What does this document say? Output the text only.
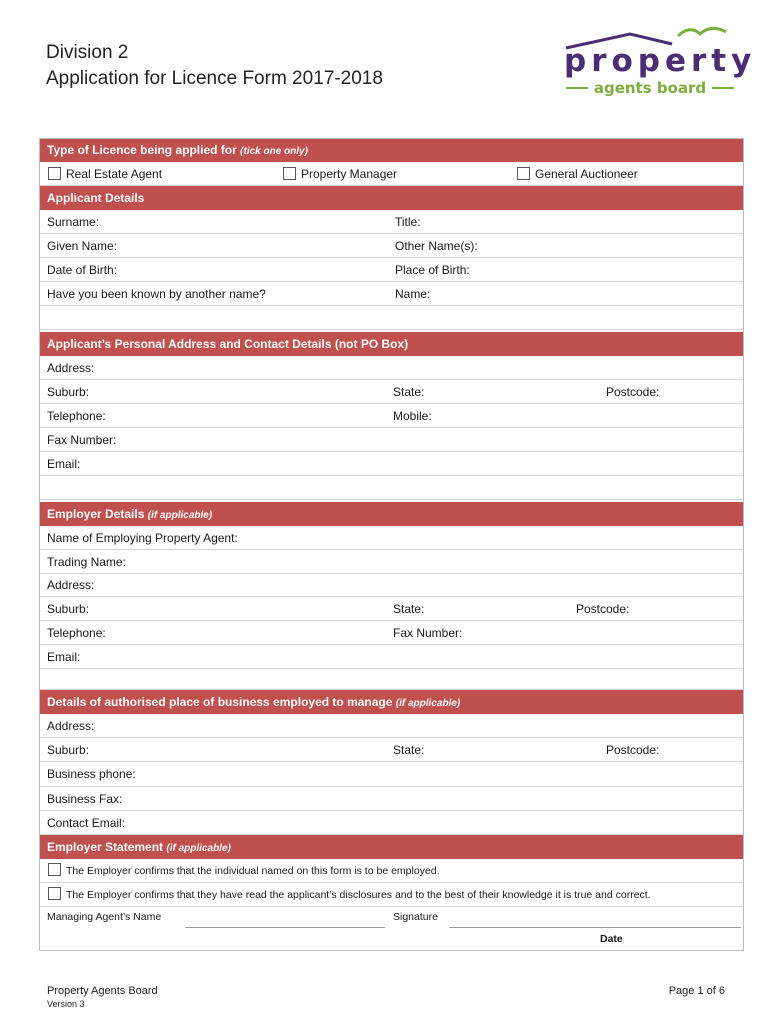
Division 2
Application for Licence Form 2017-2018	property
agents board
Type of Licence being applied for (tick one only)
Real Estate Agent	Property Manager	General Auctioneer
Applicant Details
Surname:	Title:
Given Name:	Other Name(s):
Date of Birth:	Place of Birth:
Have you been known by another name?	Name:
Applicant’s Personal Address and Contact Details (not PO Box)
Address:
Suburb:	State:	Postcode:
Telephone:	Mobile:
Fax Number:
Email:
Employer Details (if applicable)
Name of Employing Property Agent:
Trading Name:
Address:
Suburb:	State:	Postcode:
Telephone:	Fax Number:
Email:
Details of authorised place of business employed to manage (if applicable)
Address:
Suburb:	State:	Postcode:
Business phone:
Business Fax:
Contact Email:
Employer Statement (if applicable)
The Employer confirms that the individual named on this form is to be employed.
The Employer confirms that they have read the applicant’s disclosures and to the best of their knowledge it is true and correct.
Managing Agent’s Name	Signature
Date
Property Agents Board
Version 3
Page 1 of 6
